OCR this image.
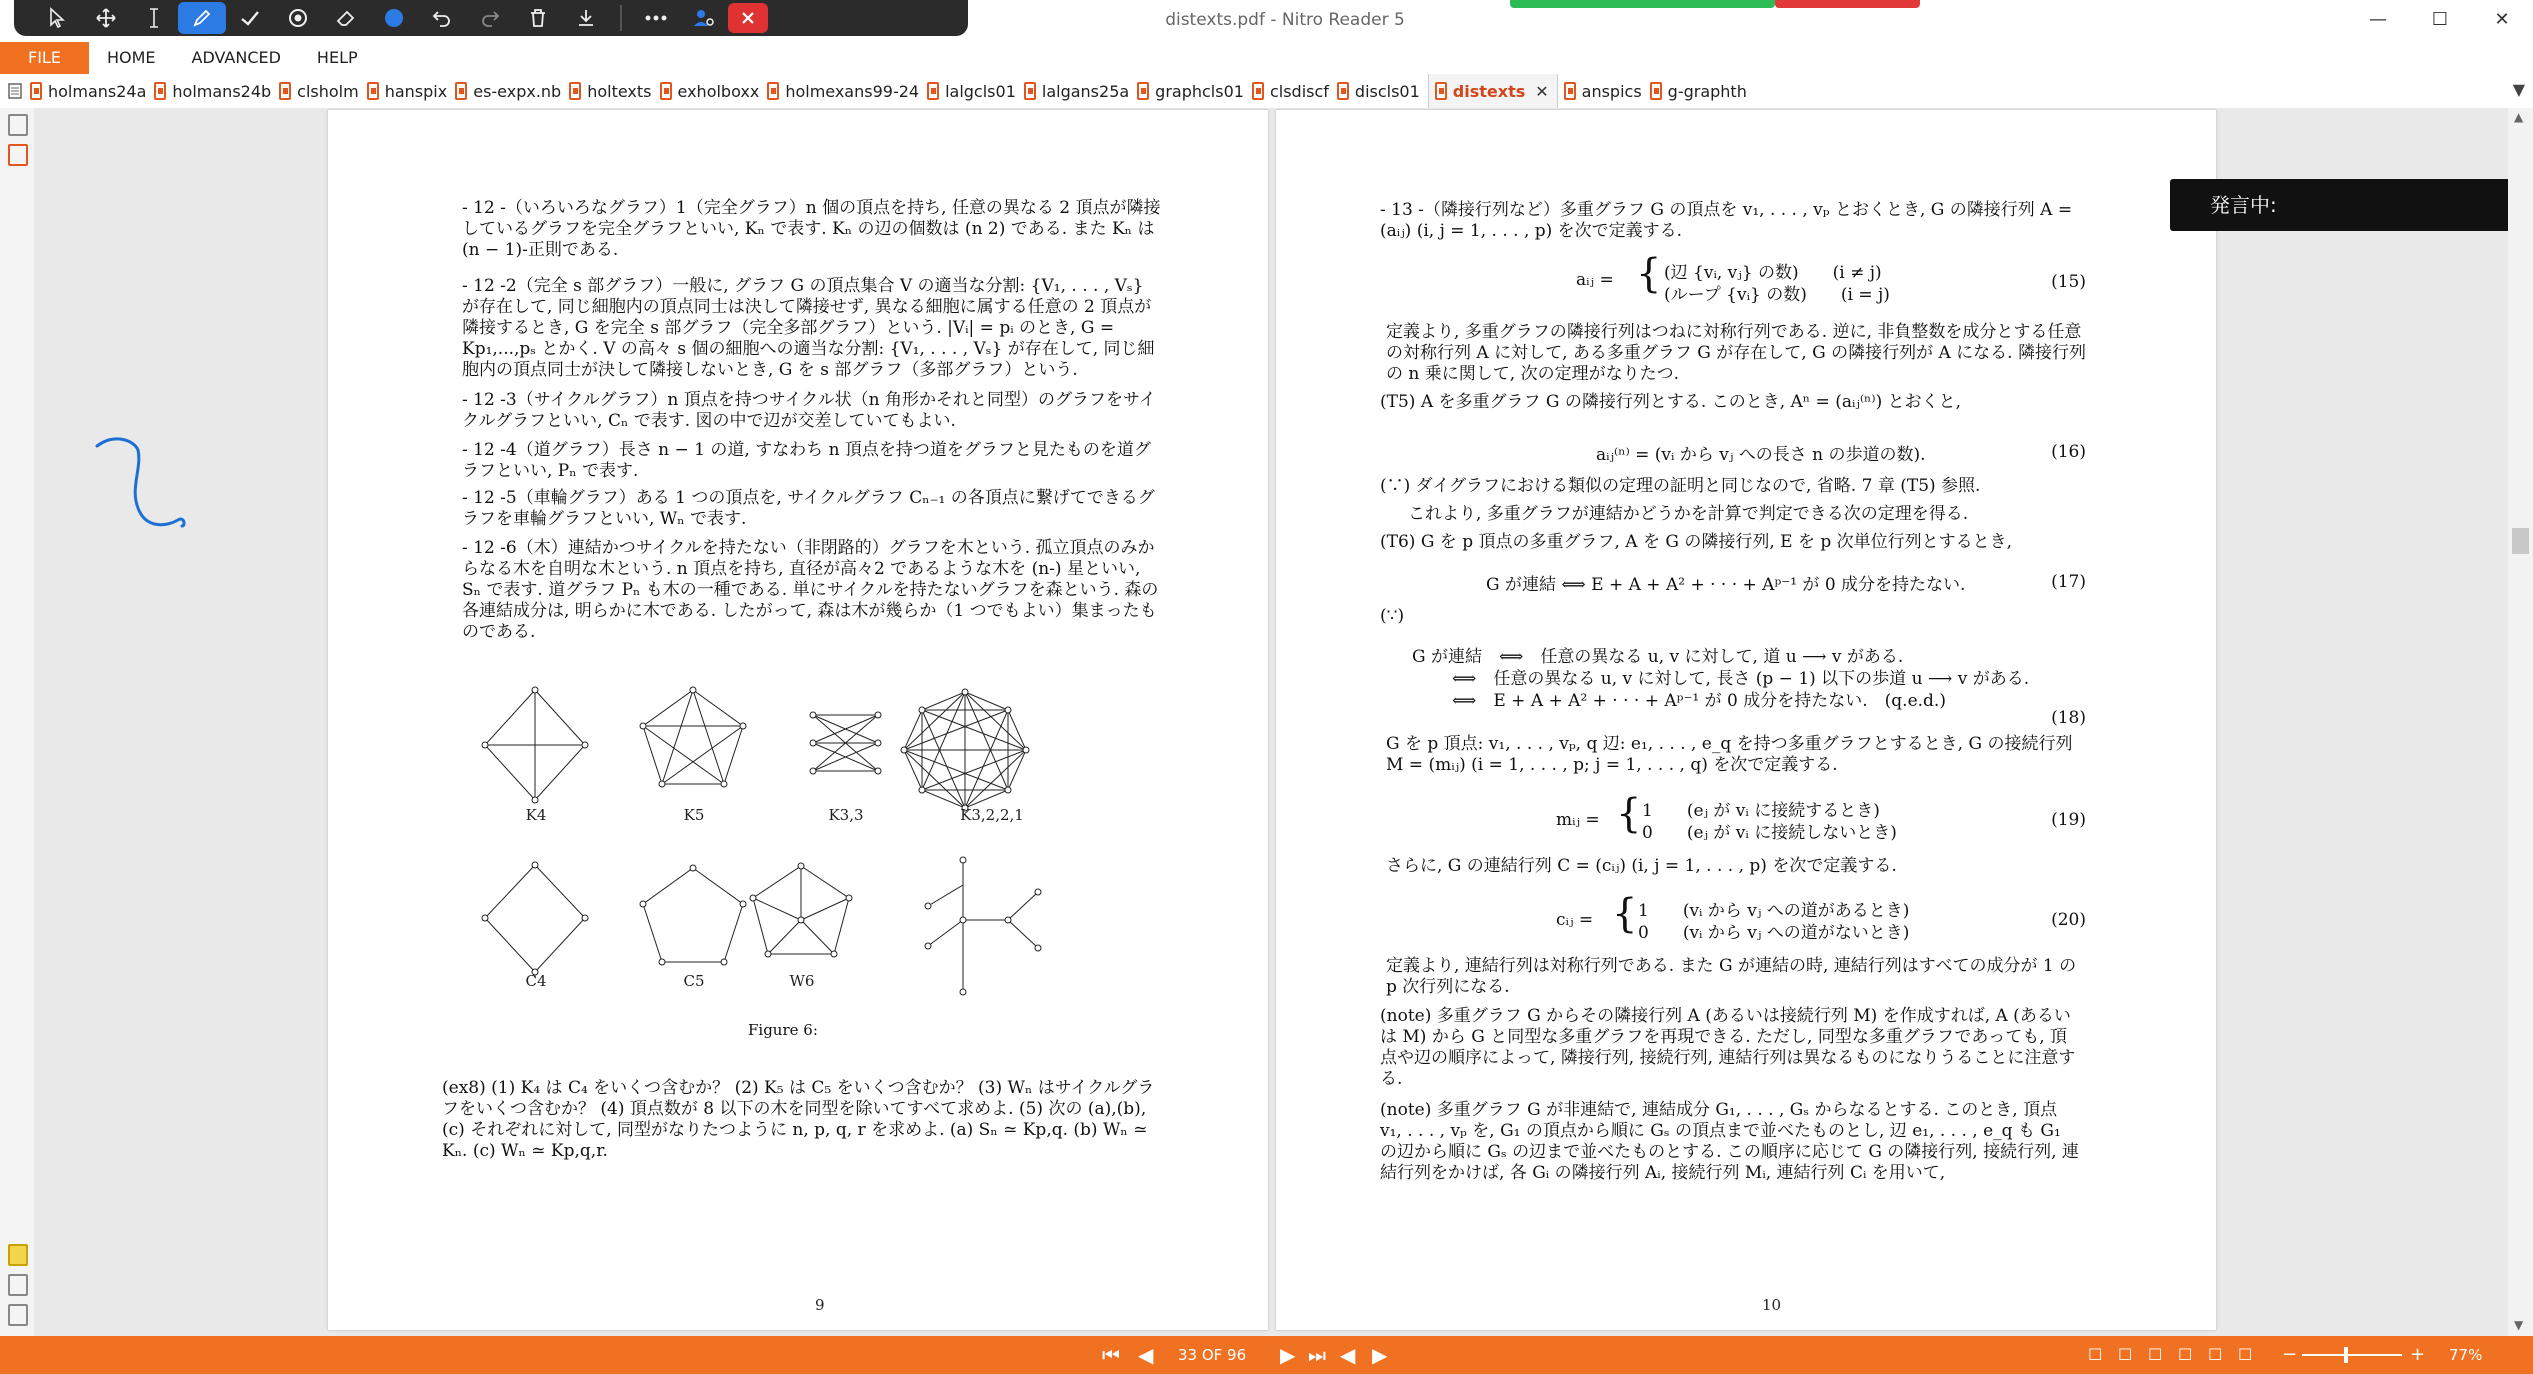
distexts.pdf - Nitro Reader 5	—	☐	✕
FILE	HOME	ADVANCED	HELP
holmans24a holmans24b clsholm hanspix es-expx.nb holtexts exholboxx holmexans99-24 lalgcls01 lalgans25a graphcls01 clsdiscf discls01 distexts ✕ anspics g-graphth	▼
- 12 -（いろいろなグラフ）1（完全グラフ）n 個の頂点を持ち, 任意の異なる 2 頂点が隣接しているグラフを完全グラフといい, Kₙ で表す. Kₙ の辺の個数は (n 2) である. また Kₙ は (n − 1)-正則である.
- 12 -2（完全 s 部グラフ）一般に, グラフ G の頂点集合 V の適当な分割: {V₁, . . . , Vₛ} が存在して, 同じ細胞内の頂点同士は決して隣接せず, 異なる細胞に属する任意の 2 頂点が隣接するとき, G を完全 s 部グラフ（完全多部グラフ）という. |Vᵢ| = pᵢ のとき, G = Kp₁,...,pₛ とかく. V の高々 s 個の細胞への適当な分割: {V₁, . . . , Vₛ} が存在して, 同じ細胞内の頂点同士が決して隣接しないとき, G を s 部グラフ（多部グラフ）という.
- 12 -3（サイクルグラフ）n 頂点を持つサイクル状（n 角形かそれと同型）のグラフをサイクルグラフといい, Cₙ で表す. 図の中で辺が交差していてもよい.
- 12 -4（道グラフ）長さ n − 1 の道, すなわち n 頂点を持つ道をグラフと見たものを道グラフといい, Pₙ で表す.
- 12 -5（車輪グラフ）ある 1 つの頂点を, サイクルグラフ Cₙ₋₁ の各頂点に繋げてできるグラフを車輪グラフといい, Wₙ で表す.
- 12 -6（木）連結かつサイクルを持たない（非閉路的）グラフを木という. 孤立頂点のみからなる木を自明な木という. n 頂点を持ち, 直径が高々2 であるような木を (n-) 星といい, Sₙ で表す. 道グラフ Pₙ も木の一種である. 単にサイクルを持たないグラフを森という. 森の各連結成分は, 明らかに木である. したがって, 森は木が幾らか（1 つでもよい）集まったものである.
K4	K5	K3,3	K3,2,2,1
C4	C5	W6
Figure 6:
(ex8) (1) K₄ は C₄ をいくつ含むか？ (2) K₅ は C₅ をいくつ含むか？ (3) Wₙ はサイクルグラフをいくつ含むか？ (4) 頂点数が 8 以下の木を同型を除いてすべて求めよ. (5) 次の (a),(b),(c) それぞれに対して, 同型がなりたつように n, p, q, r を求めよ. (a) Sₙ ≃ Kp,q. (b) Wₙ ≃ Kₙ. (c) Wₙ ≃ Kp,q,r.
9
- 13 -（隣接行列など）多重グラフ G の頂点を v₁, . . . , vₚ とおくとき, G の隣接行列 A = (aᵢⱼ) (i, j = 1, . . . , p) を次で定義する.
aᵢⱼ = { (辺 {vᵢ, vⱼ} の数)　　(i ≠ j)
(ループ {vᵢ} の数)　　(i = j)
(15)
定義より, 多重グラフの隣接行列はつねに対称行列である. 逆に, 非負整数を成分とする任意の対称行列 A に対して, ある多重グラフ G が存在して, G の隣接行列が A になる. 隣接行列の n 乗に関して, 次の定理がなりたつ.
(T5) A を多重グラフ G の隣接行列とする. このとき, Aⁿ = (aᵢⱼ⁽ⁿ⁾) とおくと,
aᵢⱼ⁽ⁿ⁾ = (vᵢ から vⱼ への長さ n の歩道の数).	(16)
(∵) ダイグラフにおける類似の定理の証明と同じなので, 省略. 7 章 (T5) 参照.
これより, 多重グラフが連結かどうかを計算で判定できる次の定理を得る.
(T6) G を p 頂点の多重グラフ, A を G の隣接行列, E を p 次単位行列とするとき,
G が連結 ⟺ E + A + A² + · · · + Aᵖ⁻¹ が 0 成分を持たない.	(17)
(∵)
G が連結　⟺　任意の異なる u, v に対して, 道 u ⟶ v がある.
⟺　任意の異なる u, v に対して, 長さ (p − 1) 以下の歩道 u ⟶ v がある.
⟺　E + A + A² + · · · + Aᵖ⁻¹ が 0 成分を持たない.　(q.e.d.)
(18)
G を p 頂点: v₁, . . . , vₚ, q 辺: e₁, . . . , e_q を持つ多重グラフとするとき, G の接続行列 M = (mᵢⱼ) (i = 1, . . . , p; j = 1, . . . , q) を次で定義する.
mᵢⱼ = { 1　　(eⱼ が vᵢ に接続するとき)
0　　(eⱼ が vᵢ に接続しないとき)
(19)
さらに, G の連結行列 C = (cᵢⱼ) (i, j = 1, . . . , p) を次で定義する.
cᵢⱼ = { 1　　(vᵢ から vⱼ への道があるとき)
0　　(vᵢ から vⱼ への道がないとき)
(20)
定義より, 連結行列は対称行列である. また G が連結の時, 連結行列はすべての成分が 1 の p 次行列になる.
(note) 多重グラフ G からその隣接行列 A (あるいは接続行列 M) を作成すれば, A (あるいは M) から G と同型な多重グラフを再現できる. ただし, 同型な多重グラフであっても, 頂点や辺の順序によって, 隣接行列, 接続行列, 連結行列は異なるものになりうることに注意する.
(note) 多重グラフ G が非連結で, 連結成分 G₁, . . . , Gₛ からなるとする. このとき, 頂点 v₁, . . . , vₚ を, G₁ の頂点から順に Gₛ の頂点まで並べたものとし, 辺 e₁, . . . , e_q も G₁ の辺から順に Gₛ の辺まで並べたものとする. この順序に応じて G の隣接行列, 接続行列, 連結行列をかけば, 各 Gᵢ の隣接行列 Aᵢ, 接続行列 Mᵢ, 連結行列 Cᵢ を用いて,
10
発言中:
▲
▼
⏮ ◀ 33 OF 96 ▶ ⏭ ◀ ▶	☐ ☐ ☐ ☐ ☐ ☐ −	+ 77%
